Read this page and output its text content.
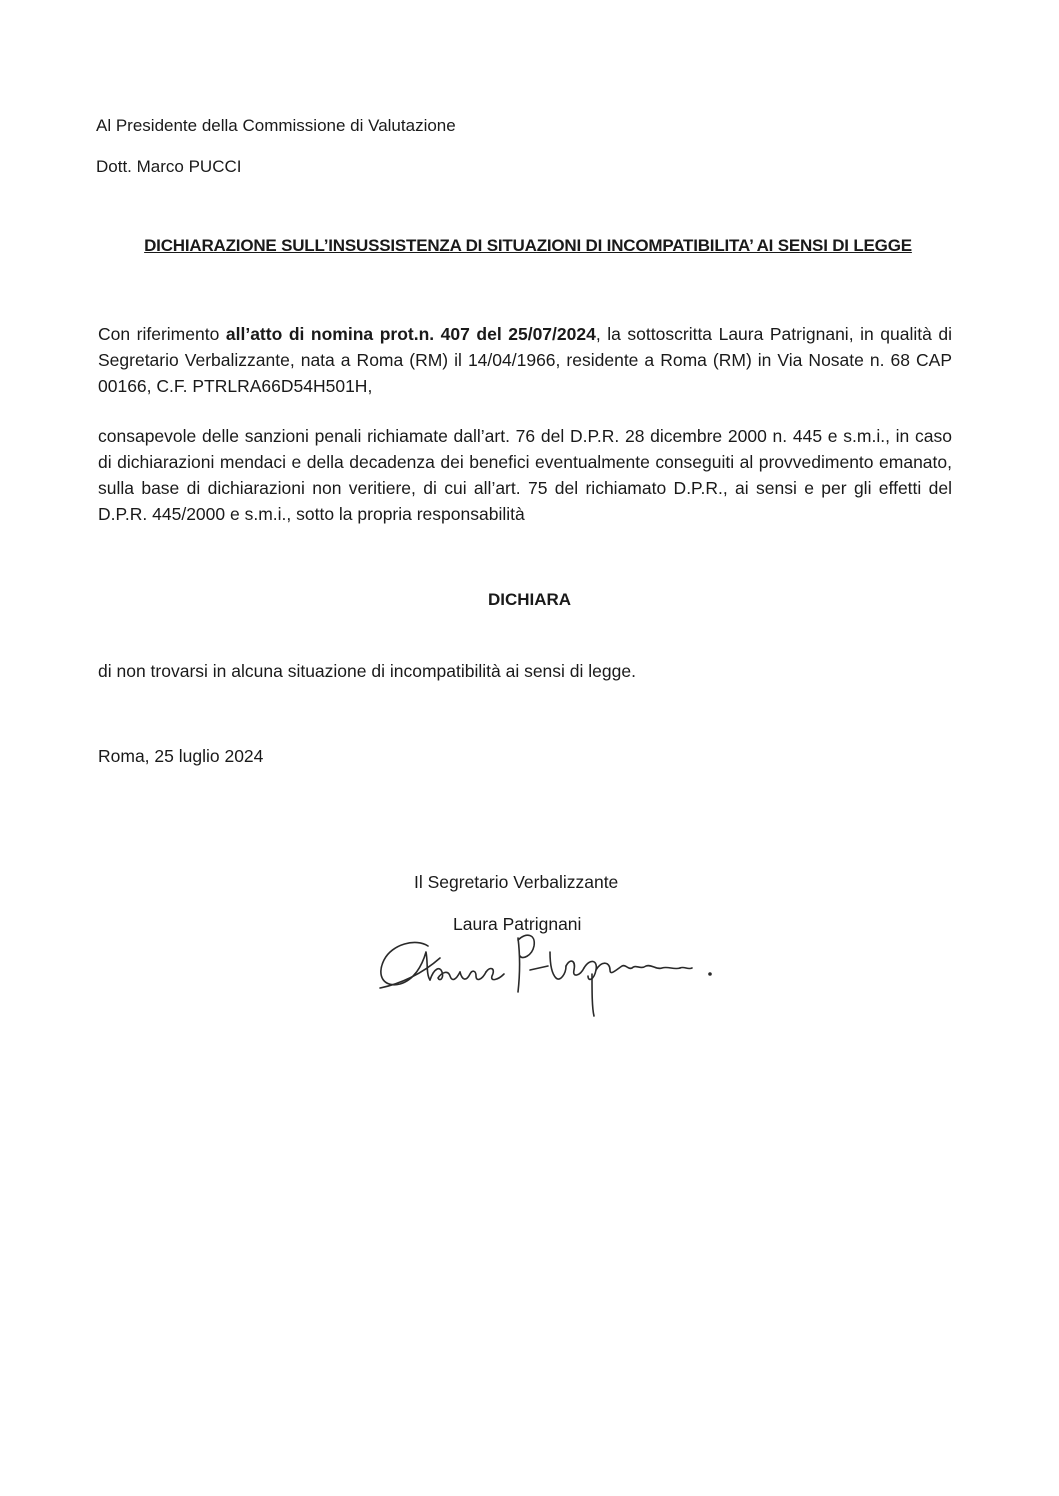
Al Presidente della Commissione di Valutazione
Dott. Marco PUCCI
DICHIARAZIONE SULL’INSUSSISTENZA DI SITUAZIONI DI INCOMPATIBILITA’ AI SENSI DI LEGGE
Con riferimento all’atto di nomina prot.n. 407 del 25/07/2024, la sottoscritta Laura Patrignani, in qualità di Segretario Verbalizzante, nata a Roma (RM) il 14/04/1966, residente a Roma (RM) in Via Nosate n. 68 CAP 00166, C.F. PTRLRA66D54H501H,
consapevole delle sanzioni penali richiamate dall’art. 76 del D.P.R. 28 dicembre 2000 n. 445 e s.m.i., in caso di dichiarazioni mendaci e della decadenza dei benefici eventualmente conseguiti al provvedimento emanato, sulla base di dichiarazioni non veritiere, di cui all’art. 75 del richiamato D.P.R., ai sensi e per gli effetti del D.P.R. 445/2000 e s.m.i., sotto la propria responsabilità
DICHIARA
di non trovarsi in alcuna situazione di incompatibilità ai sensi di legge.
Roma, 25 luglio 2024
Il Segretario Verbalizzante
Laura Patrignani
